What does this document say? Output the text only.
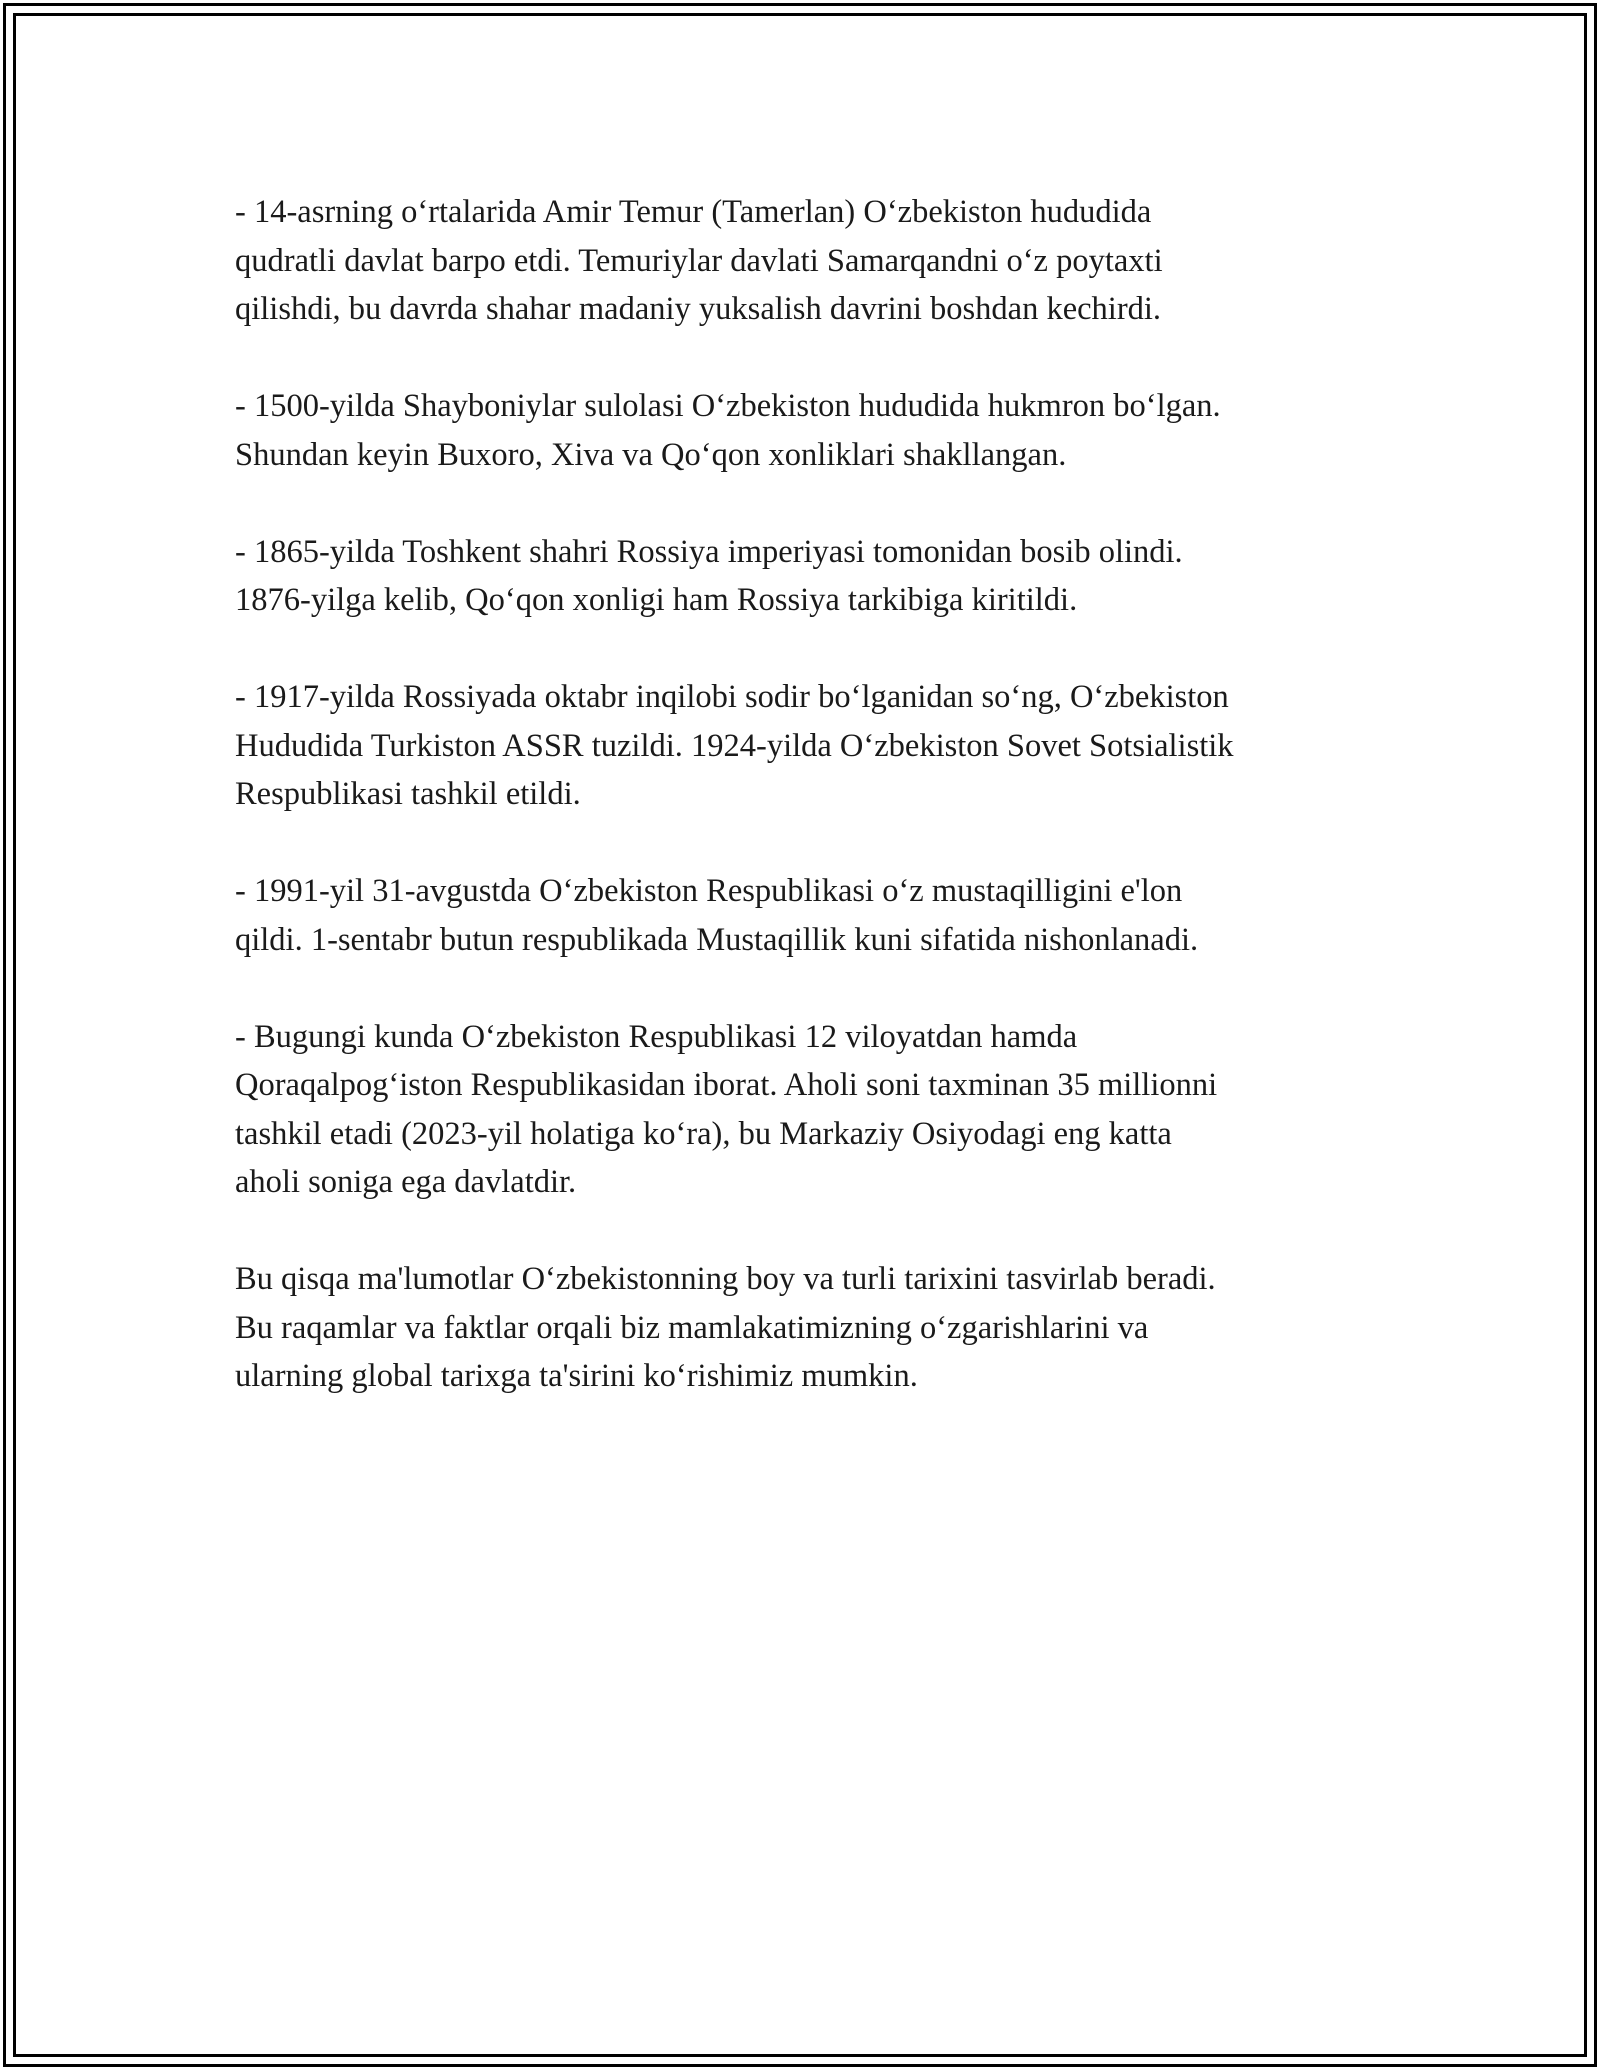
- 14-asrning o‘rtalarida Amir Temur (Tamerlan) O‘zbekiston hududida
qudratli davlat barpo etdi. Temuriylar davlati Samarqandni o‘z poytaxti
qilishdi, bu davrda shahar madaniy yuksalish davrini boshdan kechirdi.

- 1500-yilda Shayboniylar sulolasi O‘zbekiston hududida hukmron bo‘lgan.
Shundan keyin Buxoro, Xiva va Qo‘qon xonliklari shakllangan.

- 1865-yilda Toshkent shahri Rossiya imperiyasi tomonidan bosib olindi.
1876-yilga kelib, Qo‘qon xonligi ham Rossiya tarkibiga kiritildi.

- 1917-yilda Rossiyada oktabr inqilobi sodir bo‘lganidan so‘ng, O‘zbekiston
Hududida Turkiston ASSR tuzildi. 1924-yilda O‘zbekiston Sovet Sotsialistik
Respublikasi tashkil etildi.

- 1991-yil 31-avgustda O‘zbekiston Respublikasi o‘z mustaqilligini e'lon
qildi. 1-sentabr butun respublikada Mustaqillik kuni sifatida nishonlanadi.

- Bugungi kunda O‘zbekiston Respublikasi 12 viloyatdan hamda
Qoraqalpog‘iston Respublikasidan iborat. Aholi soni taxminan 35 millionni
tashkil etadi (2023-yil holatiga ko‘ra), bu Markaziy Osiyodagi eng katta
aholi soniga ega davlatdir.

Bu qisqa ma'lumotlar O‘zbekistonning boy va turli tarixini tasvirlab beradi.
Bu raqamlar va faktlar orqali biz mamlakatimizning o‘zgarishlarini va
ularning global tarixga ta'sirini ko‘rishimiz mumkin.
